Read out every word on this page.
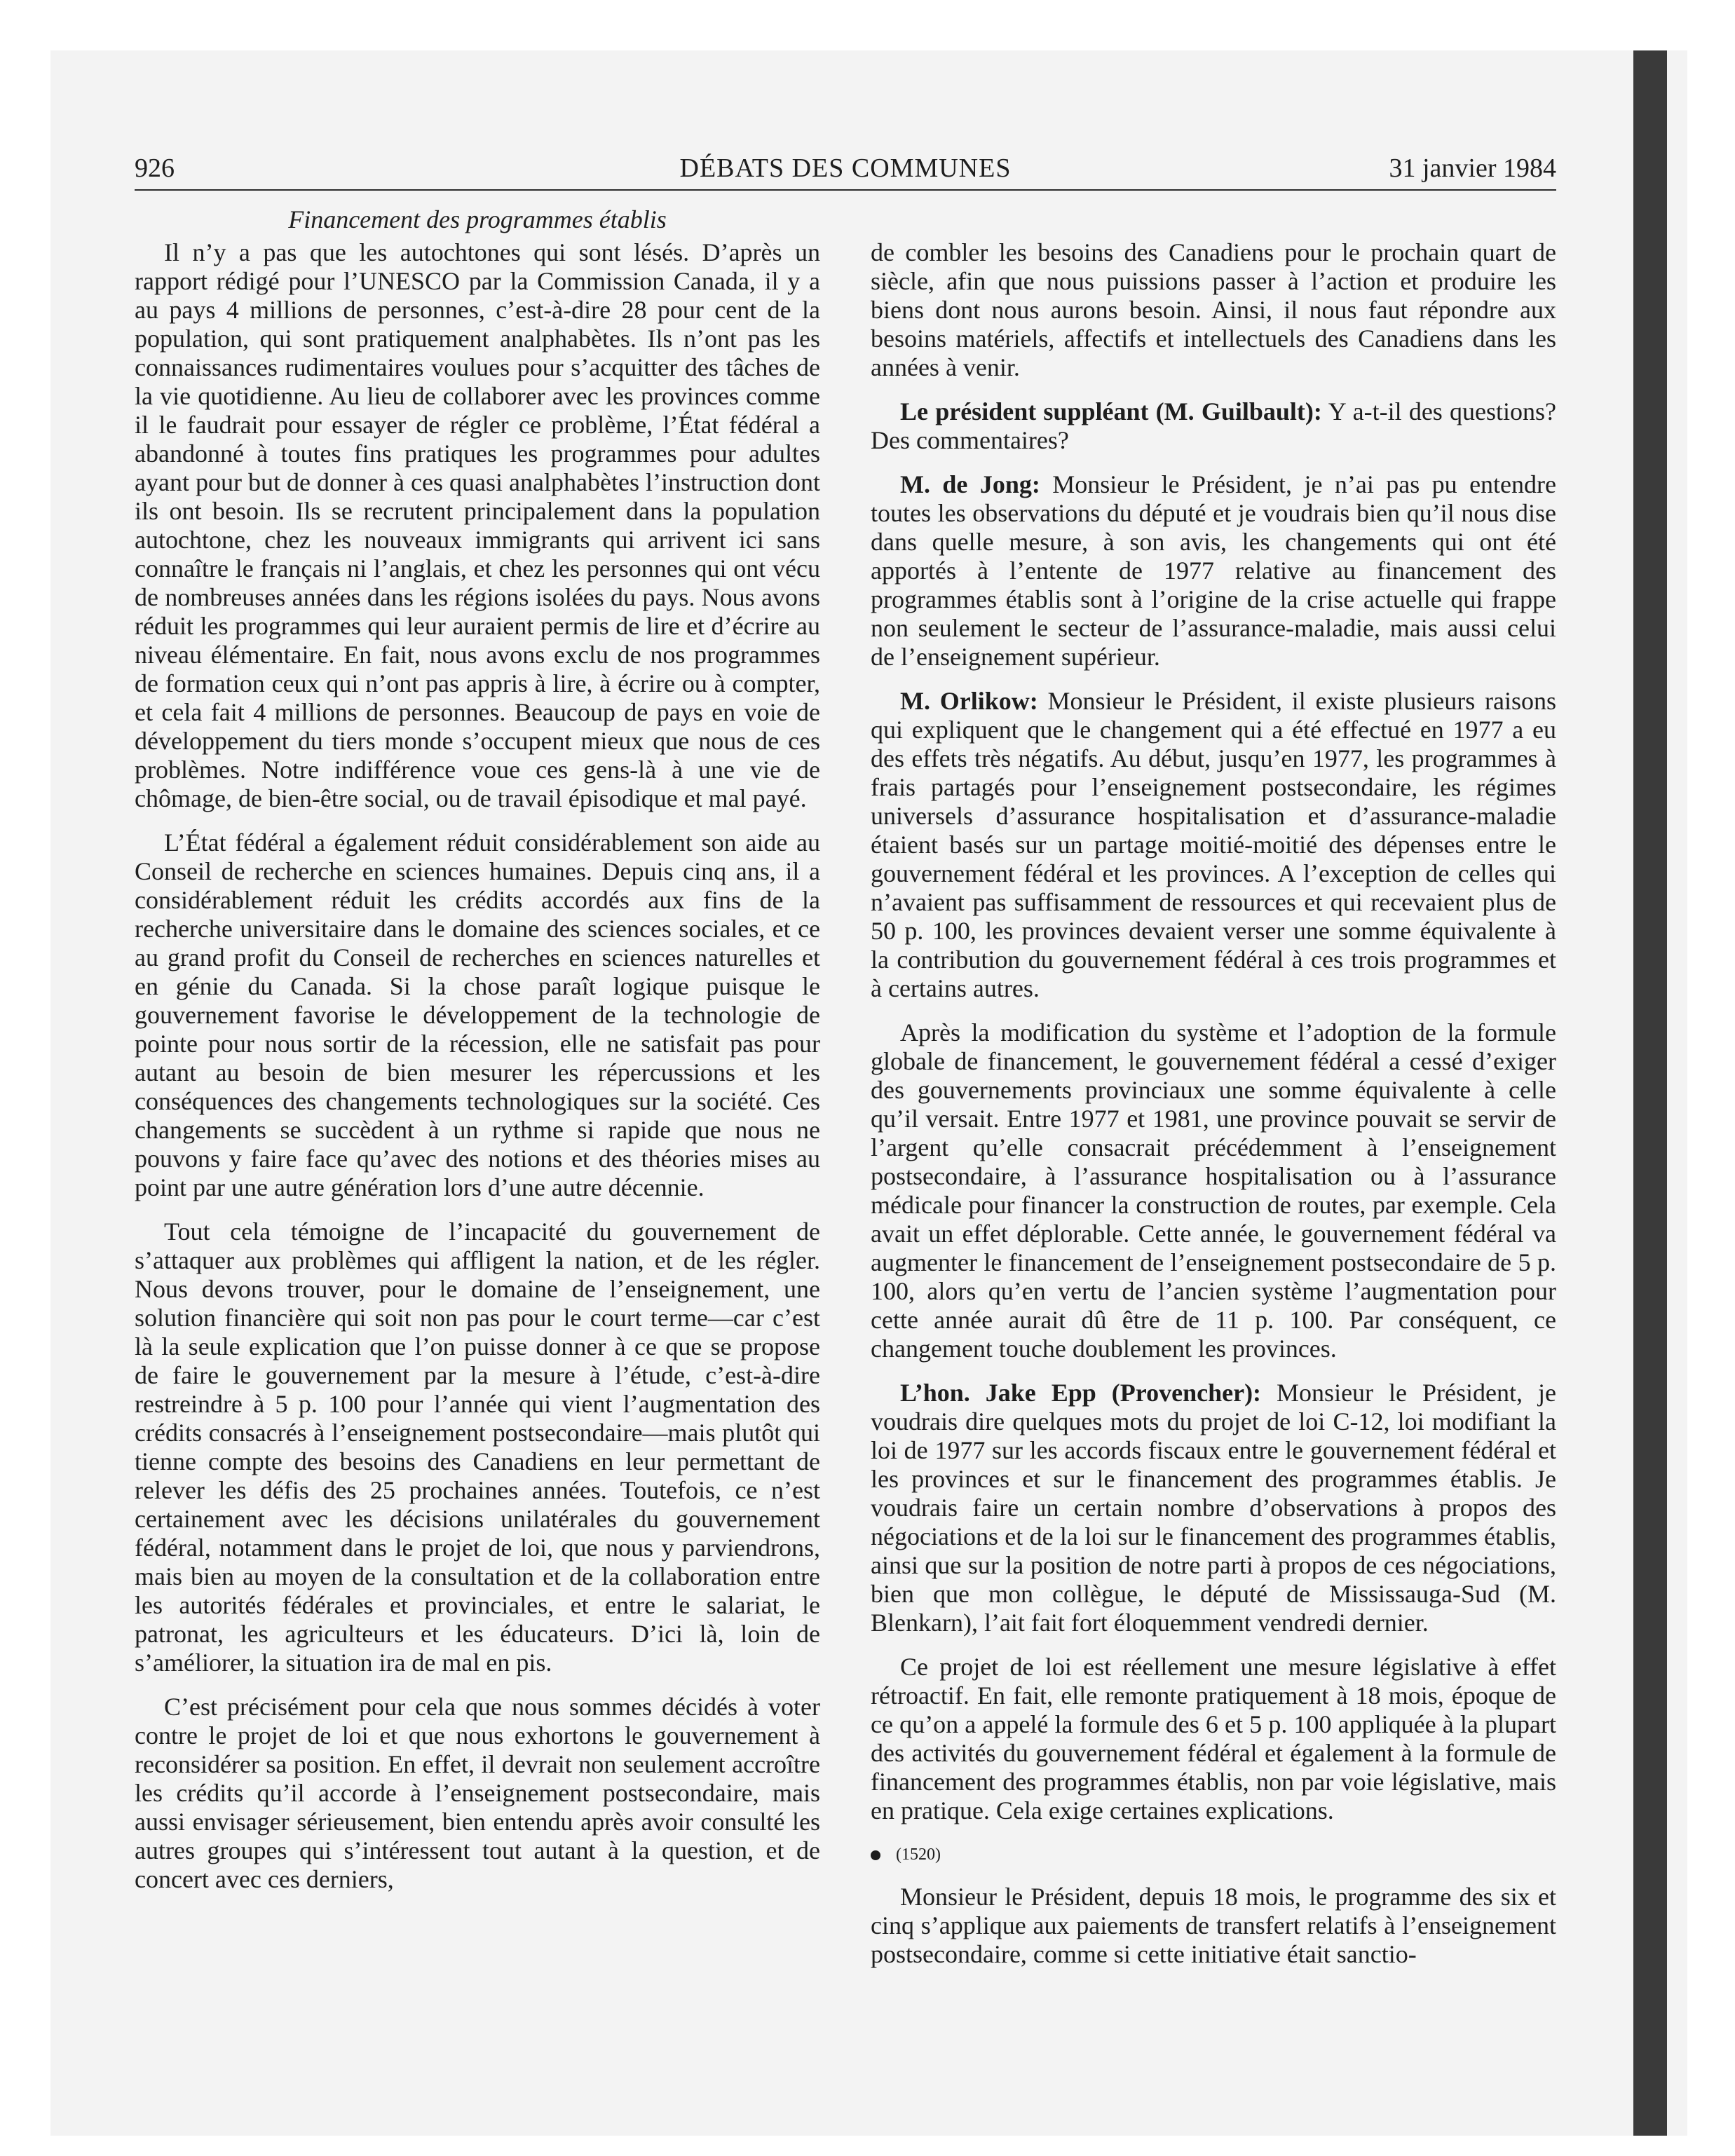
926	DÉBATS DES COMMUNES	31 janvier 1984
Financement des programmes établis

Il n’y a pas que les autochtones qui sont lésés. D’après un rapport rédigé pour l’UNESCO par la Commission Canada, il y a au pays 4 millions de personnes, c’est-à-dire 28 pour cent de la population, qui sont pratiquement analphabètes. Ils n’ont pas les connaissances rudimentaires voulues pour s’acquitter des tâches de la vie quotidienne. Au lieu de collaborer avec les provinces comme il le faudrait pour essayer de régler ce problème, l’État fédéral a abandonné à toutes fins pratiques les programmes pour adultes ayant pour but de donner à ces quasi analphabètes l’instruction dont ils ont besoin. Ils se recrutent principalement dans la population autochtone, chez les nouveaux immigrants qui arrivent ici sans connaître le français ni l’anglais, et chez les personnes qui ont vécu de nombreuses années dans les régions isolées du pays. Nous avons réduit les programmes qui leur auraient permis de lire et d’écrire au niveau élémentaire. En fait, nous avons exclu de nos programmes de formation ceux qui n’ont pas appris à lire, à écrire ou à compter, et cela fait 4 millions de personnes. Beaucoup de pays en voie de développement du tiers monde s’occupent mieux que nous de ces problèmes. Notre indifférence voue ces gens-là à une vie de chômage, de bien-être social, ou de travail épisodique et mal payé.

L’État fédéral a également réduit considérablement son aide au Conseil de recherche en sciences humaines. Depuis cinq ans, il a considérablement réduit les crédits accordés aux fins de la recherche universitaire dans le domaine des sciences sociales, et ce au grand profit du Conseil de recherches en sciences naturelles et en génie du Canada. Si la chose paraît logique puisque le gouvernement favorise le développement de la technologie de pointe pour nous sortir de la récession, elle ne satisfait pas pour autant au besoin de bien mesurer les répercussions et les conséquences des changements technologiques sur la société. Ces changements se succèdent à un rythme si rapide que nous ne pouvons y faire face qu’avec des notions et des théories mises au point par une autre génération lors d’une autre décennie.

Tout cela témoigne de l’incapacité du gouvernement de s’attaquer aux problèmes qui affligent la nation, et de les régler. Nous devons trouver, pour le domaine de l’enseignement, une solution financière qui soit non pas pour le court terme—car c’est là la seule explication que l’on puisse donner à ce que se propose de faire le gouvernement par la mesure à l’étude, c’est-à-dire restreindre à 5 p. 100 pour l’année qui vient l’augmentation des crédits consacrés à l’enseignement postsecondaire—mais plutôt qui tienne compte des besoins des Canadiens en leur permettant de relever les défis des 25 prochaines années. Toutefois, ce n’est certainement avec les décisions unilatérales du gouvernement fédéral, notamment dans le projet de loi, que nous y parviendrons, mais bien au moyen de la consultation et de la collaboration entre les autorités fédérales et provinciales, et entre le salariat, le patronat, les agriculteurs et les éducateurs. D’ici là, loin de s’améliorer, la situation ira de mal en pis.

C’est précisément pour cela que nous sommes décidés à voter contre le projet de loi et que nous exhortons le gouvernement à reconsidérer sa position. En effet, il devrait non seulement accroître les crédits qu’il accorde à l’enseignement postsecondaire, mais aussi envisager sérieusement, bien entendu après avoir consulté les autres groupes qui s’intéressent tout autant à la question, et de concert avec ces derniers,

de combler les besoins des Canadiens pour le prochain quart de siècle, afin que nous puissions passer à l’action et produire les biens dont nous aurons besoin. Ainsi, il nous faut répondre aux besoins matériels, affectifs et intellectuels des Canadiens dans les années à venir.

Le président suppléant (M. Guilbault): Y a-t-il des questions? Des commentaires?

M. de Jong: Monsieur le Président, je n’ai pas pu entendre toutes les observations du député et je voudrais bien qu’il nous dise dans quelle mesure, à son avis, les changements qui ont été apportés à l’entente de 1977 relative au financement des programmes établis sont à l’origine de la crise actuelle qui frappe non seulement le secteur de l’assurance-maladie, mais aussi celui de l’enseignement supérieur.

M. Orlikow: Monsieur le Président, il existe plusieurs raisons qui expliquent que le changement qui a été effectué en 1977 a eu des effets très négatifs. Au début, jusqu’en 1977, les programmes à frais partagés pour l’enseignement postsecondaire, les régimes universels d’assurance hospitalisation et d’assurance-maladie étaient basés sur un partage moitié-moitié des dépenses entre le gouvernement fédéral et les provinces. A l’exception de celles qui n’avaient pas suffisamment de ressources et qui recevaient plus de 50 p. 100, les provinces devaient verser une somme équivalente à la contribution du gouvernement fédéral à ces trois programmes et à certains autres.

Après la modification du système et l’adoption de la formule globale de financement, le gouvernement fédéral a cessé d’exiger des gouvernements provinciaux une somme équivalente à celle qu’il versait. Entre 1977 et 1981, une province pouvait se servir de l’argent qu’elle consacrait précédemment à l’enseignement postsecondaire, à l’assurance hospitalisation ou à l’assurance médicale pour financer la construction de routes, par exemple. Cela avait un effet déplorable. Cette année, le gouvernement fédéral va augmenter le financement de l’enseignement postsecondaire de 5 p. 100, alors qu’en vertu de l’ancien système l’augmentation pour cette année aurait dû être de 11 p. 100. Par conséquent, ce changement touche doublement les provinces.

L’hon. Jake Epp (Provencher): Monsieur le Président, je voudrais dire quelques mots du projet de loi C-12, loi modifiant la loi de 1977 sur les accords fiscaux entre le gouvernement fédéral et les provinces et sur le financement des programmes établis. Je voudrais faire un certain nombre d’observations à propos des négociations et de la loi sur le financement des programmes établis, ainsi que sur la position de notre parti à propos de ces négociations, bien que mon collègue, le député de Mississauga-Sud (M. Blenkarn), l’ait fait fort éloquemment vendredi dernier.

Ce projet de loi est réellement une mesure législative à effet rétroactif. En fait, elle remonte pratiquement à 18 mois, époque de ce qu’on a appelé la formule des 6 et 5 p. 100 appliquée à la plupart des activités du gouvernement fédéral et également à la formule de financement des programmes établis, non par voie législative, mais en pratique. Cela exige certaines explications.

(1520)

Monsieur le Président, depuis 18 mois, le programme des six et cinq s’applique aux paiements de transfert relatifs à l’enseignement postsecondaire, comme si cette initiative était sanctio-
